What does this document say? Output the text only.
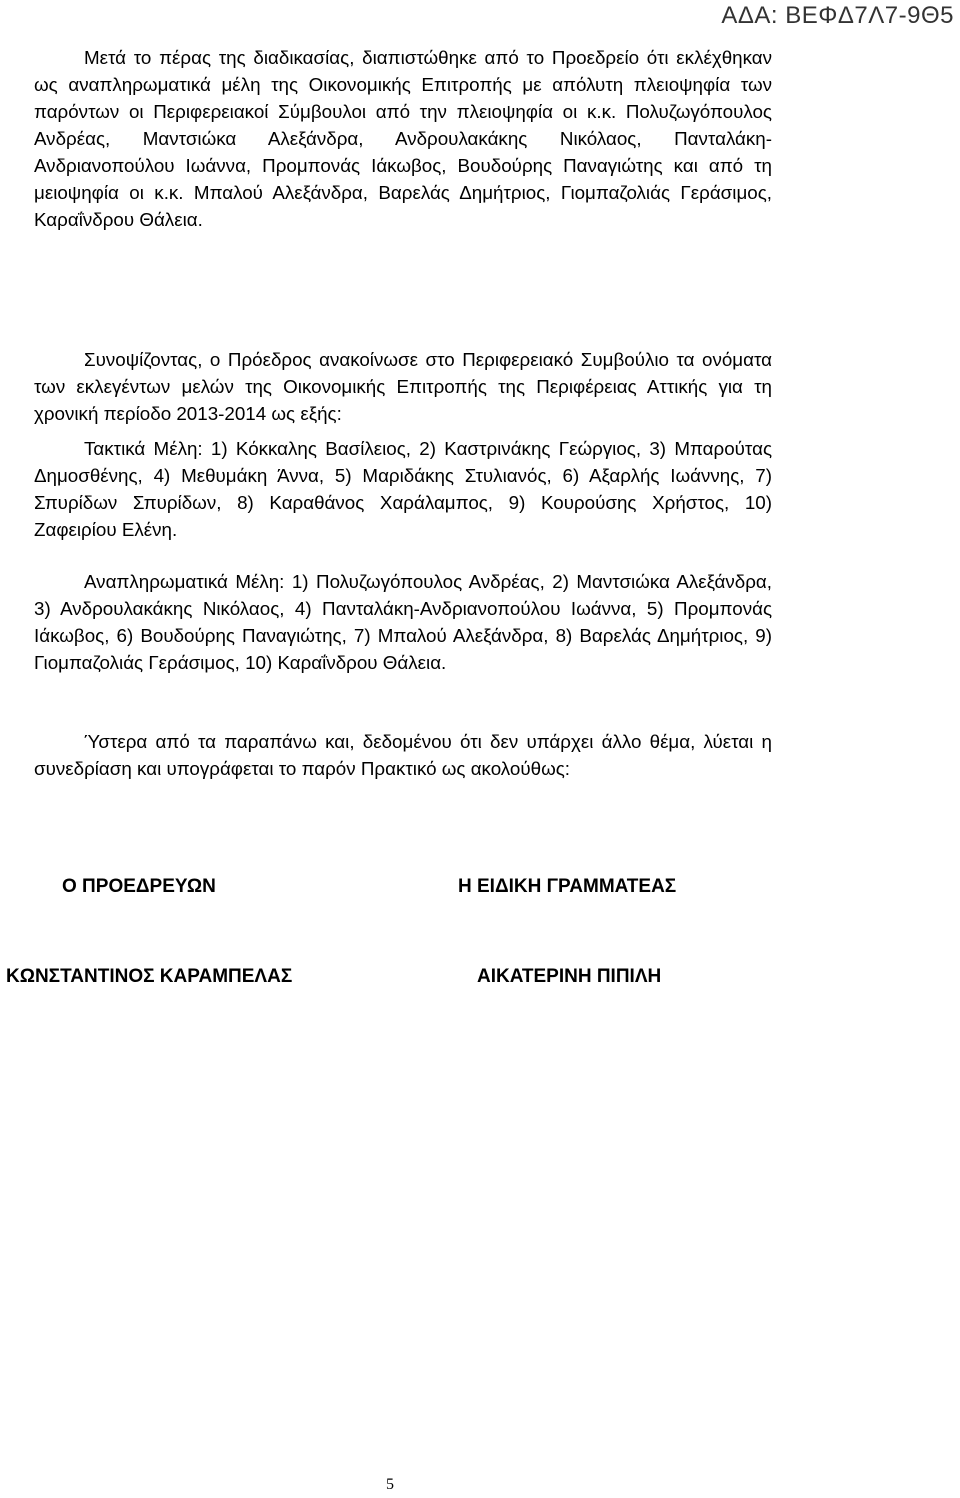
ΑΔΑ: ΒΕΦΔ7Λ7-9Θ5

Μετά το πέρας της διαδικασίας, διαπιστώθηκε από το Προεδρείο ότι εκλέχθηκαν ως αναπληρωματικά μέλη της Οικονομικής Επιτροπής με απόλυτη πλειοψηφία των παρόντων οι Περιφερειακοί Σύμβουλοι από την πλειοψηφία οι κ.κ. Πολυζωγόπουλος Ανδρέας, Μαντσιώκα Αλεξάνδρα, Ανδρουλακάκης Νικόλαος, Πανταλάκη-Ανδριανοπούλου Ιωάννα, Προμπονάς Ιάκωβος, Βουδούρης Παναγιώτης και από τη μειοψηφία οι κ.κ. Μπαλού Αλεξάνδρα, Βαρελάς Δημήτριος, Γιομπαζολιάς Γεράσιμος, Καραΐνδρου Θάλεια.

Συνοψίζοντας, ο Πρόεδρος ανακοίνωσε στο Περιφερειακό Συμβούλιο τα ονόματα των εκλεγέντων μελών της Οικονομικής Επιτροπής της Περιφέρειας Αττικής για τη χρονική περίοδο 2013-2014 ως εξής:

Τακτικά Μέλη: 1) Κόκκαλης Βασίλειος, 2) Καστρινάκης Γεώργιος, 3) Μπαρούτας Δημοσθένης, 4) Μεθυμάκη Άννα, 5) Μαριδάκης Στυλιανός, 6) Αξαρλής Ιωάννης, 7) Σπυρίδων Σπυρίδων, 8) Καραθάνος Χαράλαμπος, 9) Κουρούσης Χρήστος, 10) Ζαφειρίου Ελένη.

Αναπληρωματικά Μέλη: 1) Πολυζωγόπουλος Ανδρέας, 2) Μαντσιώκα Αλεξάνδρα, 3) Ανδρουλακάκης Νικόλαος, 4) Πανταλάκη-Ανδριανοπούλου Ιωάννα, 5) Προμπονάς Ιάκωβος, 6) Βουδούρης Παναγιώτης, 7) Μπαλού Αλεξάνδρα, 8) Βαρελάς Δημήτριος, 9) Γιομπαζολιάς Γεράσιμος, 10) Καραΐνδρου Θάλεια.

Ύστερα από τα παραπάνω και, δεδομένου ότι δεν υπάρχει άλλο θέμα, λύεται η συνεδρίαση και υπογράφεται το παρόν Πρακτικό ως ακολούθως:

Ο ΠΡΟΕΔΡΕΥΩΝ	Η ΕΙΔΙΚΗ ΓΡΑΜΜΑΤΕΑΣ
ΚΩΝΣΤΑΝΤΙΝΟΣ ΚΑΡΑΜΠΕΛΑΣ	ΑΙΚΑΤΕΡΙΝΗ ΠΙΠΙΛΗ
5
